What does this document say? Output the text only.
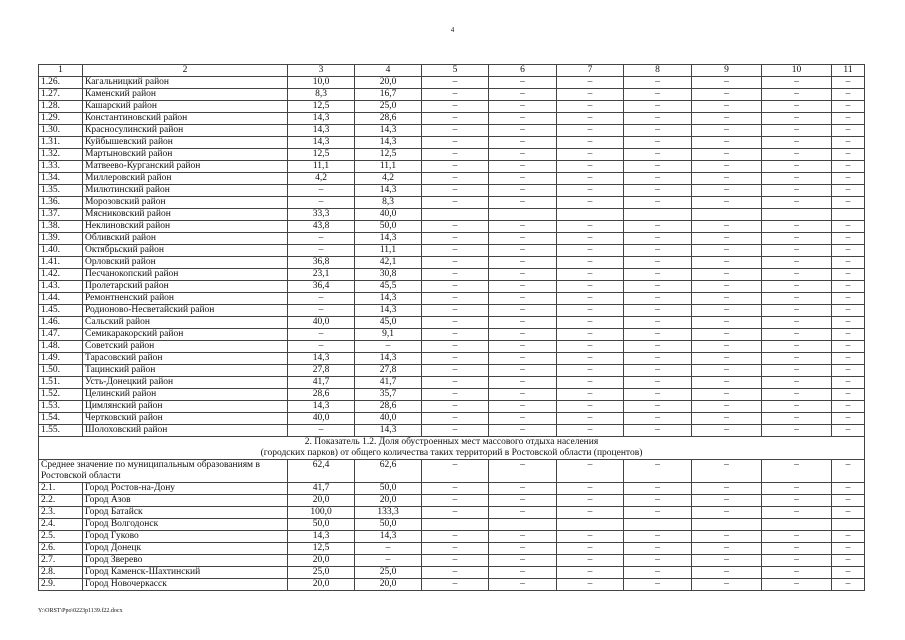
4
1	2	3	4	5	6	7	8	9	10	11
1.26.	Кагальницкий район	10,0	20,0	–	–	–	–	–	–	–
1.27.	Каменский район	8,3	16,7	–	–	–	–	–	–	–
1.28.	Кашарский район	12,5	25,0	–	–	–	–	–	–	–
1.29.	Константиновский район	14,3	28,6	–	–	–	–	–	–	–
1.30.	Красносулинский район	14,3	14,3	–	–	–	–	–	–	–
1.31.	Куйбышевский район	14,3	14,3	–	–	–	–	–	–	–
1.32.	Мартыновский район	12,5	12,5	–	–	–	–	–	–	–
1.33.	Матвеево-Курганский район	11,1	11,1	–	–	–	–	–	–	–
1.34.	Миллеровский район	4,2	4,2	–	–	–	–	–	–	–
1.35.	Милютинский район	–	14,3	–	–	–	–	–	–	–
1.36.	Морозовский район	–	8,3	–	–	–	–	–	–	–
1.37.	Мясниковский район	33,3	40,0							
1.38.	Неклиновский район	43,8	50,0	–	–	–	–	–	–	–
1.39.	Обливский район	–	14,3	–	–	–	–	–	–	–
1.40.	Октябрьский район	–	11,1	–	–	–	–	–	–	–
1.41.	Орловский район	36,8	42,1	–	–	–	–	–	–	–
1.42.	Песчанокопский район	23,1	30,8	–	–	–	–	–	–	–
1.43.	Пролетарский район	36,4	45,5	–	–	–	–	–	–	–
1.44.	Ремонтненский район	–	14,3	–	–	–	–	–	–	–
1.45.	Родионово-Несветайский район	–	14,3	–	–	–	–	–	–	–
1.46.	Сальский район	40,0	45,0	–	–	–	–	–	–	–
1.47.	Семикаракорский район	–	9,1	–	–	–	–	–	–	–
1.48.	Советский район	–	–	–	–	–	–	–	–	–
1.49.	Тарасовский район	14,3	14,3	–	–	–	–	–	–	–
1.50.	Тацинский район	27,8	27,8	–	–	–	–	–	–	–
1.51.	Усть-Донецкий район	41,7	41,7	–	–	–	–	–	–	–
1.52.	Целинский район	28,6	35,7	–	–	–	–	–	–	–
1.53.	Цимлянский район	14,3	28,6	–	–	–	–	–	–	–
1.54.	Чертковский район	40,0	40,0	–	–	–	–	–	–	–
1.55.	Шолоховский район	–	14,3	–	–	–	–	–	–	–

2. Показатель 1.2. Доля обустроенных мест массового отдыха населения
(городских парков) от общего количества таких территорий в Ростовской области (процентов)										

Среднее значение по муниципальным образованиям в Ростовской области		62,4	62,6	–	–	–	–	–	–	–
2.1.	Город Ростов-на-Дону	41,7	50,0	–	–	–	–	–	–	–
2.2.	Город Азов	20,0	20,0	–	–	–	–	–	–	–
2.3.	Город Батайск	100,0	133,3	–	–	–	–	–	–	–
2.4.	Город Волгодонск	50,0	50,0							
2.5.	Город Гуково	14,3	14,3	–	–	–	–	–	–	–
2.6.	Город Донецк	12,5	–	–	–	–	–	–	–	–
2.7.	Город Зверево	20,0	–	–	–	–	–	–	–	–
2.8.	Город Каменск-Шахтинский	25,0	25,0	–	–	–	–	–	–	–
2.9.	Город Новочеркасск	20,0	20,0	–	–	–	–	–	–	–
Y:\ORST\Ppo\0223p1139.f22.docx
